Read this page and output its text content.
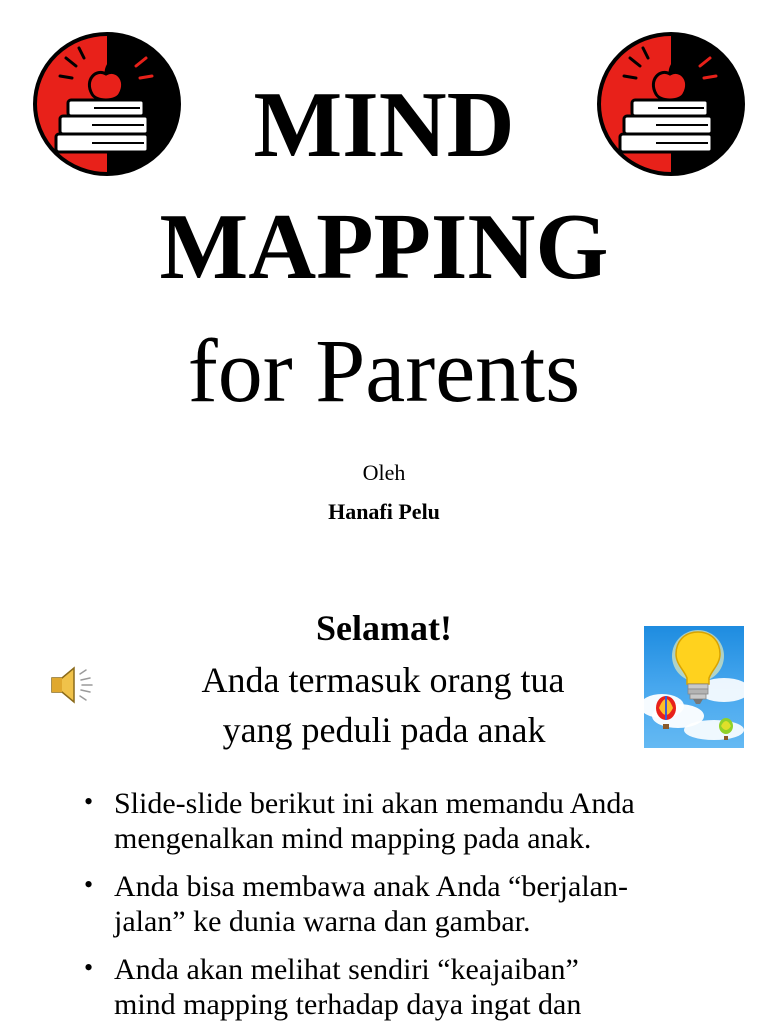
MIND
MAPPING
for Parents
Oleh
Hanafi Pelu
Selamat!
Anda termasuk orang tua
yang peduli pada anak
• Slide-slide berikut ini akan memandu Anda
mengenalkan mind mapping pada anak.
• Anda bisa membawa anak Anda “berjalan-
jalan” ke dunia warna dan gambar.
• Anda akan melihat sendiri “keajaiban”
mind mapping terhadap daya ingat dan
